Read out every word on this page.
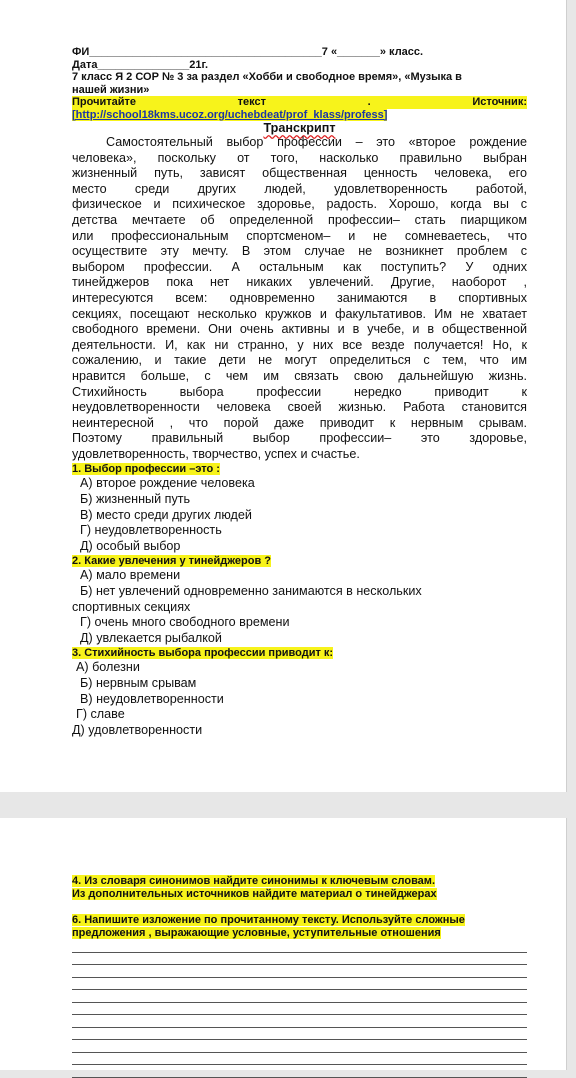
ФИ______________________________________7 «_______» класс.
Дата_______________21г.
7 класс Я 2 СОР № 3 за раздел «Хобби и свободное время», «Музыка в
нашей жизни»
Прочитайте	текст	.	Источник:
[http://school18kms.ucoz.org/uchebdeat/prof_klass/profess]
Транскрипт
Самостоятельный выбор профессии – это «второе рождение
человека», поскольку от того, насколько правильно выбран
жизненный путь, зависят общественная ценность человека, его
место среди других людей, удовлетворенность работой,
физическое и психическое здоровье, радость. Хорошо, когда вы с
детства мечтаете об определенной профессии– стать пиарщиком
или профессиональным спортсменом– и не сомневаетесь, что
осуществите эту мечту. В этом случае не возникнет проблем с
выбором профессии. А остальным как поступить? У одних
тинейджеров пока нет никаких увлечений. Другие, наоборот ,
интересуются всем: одновременно занимаются в спортивных
секциях, посещают несколько кружков и факультативов. Им не хватает
свободного времени. Они очень активны и в учебе, и в общественной
деятельности. И, как ни странно, у них все везде получается! Но, к
сожалению, и такие дети не могут определиться с тем, что им
нравится больше, с чем им связать свою дальнейшую жизнь.
Стихийность выбора профессии нередко приводит к
неудовлетворенности человека своей жизнью. Работа становится
неинтересной , что порой даже приводит к нервным срывам.
Поэтому правильный выбор профессии– это здоровье,
удовлетворенность, творчество, успех и счастье.
1. Выбор профессии –это :
А) второе рождение человека
Б) жизненный путь
В) место среди других людей
Г) неудовлетворенность
Д) особый выбор
2. Какие увлечения у тинейджеров ?
А) мало времени
Б) нет увлечений одновременно занимаются в нескольких
спортивных секциях
Г) очень много свободного времени
Д) увлекается рыбалкой
3. Стихийность выбора профессии приводит к:
А) болезни
Б) нервным срывам
В) неудовлетворенности
Г) славе
Д) удовлетворенности
4. Из словаря синонимов найдите синонимы к ключевым словам.
Из дополнительных источников найдите материал о тинейджерах
6. Напишите изложение по прочитанному тексту. Используйте сложные
предложения , выражающие условные, уступительные отношения
